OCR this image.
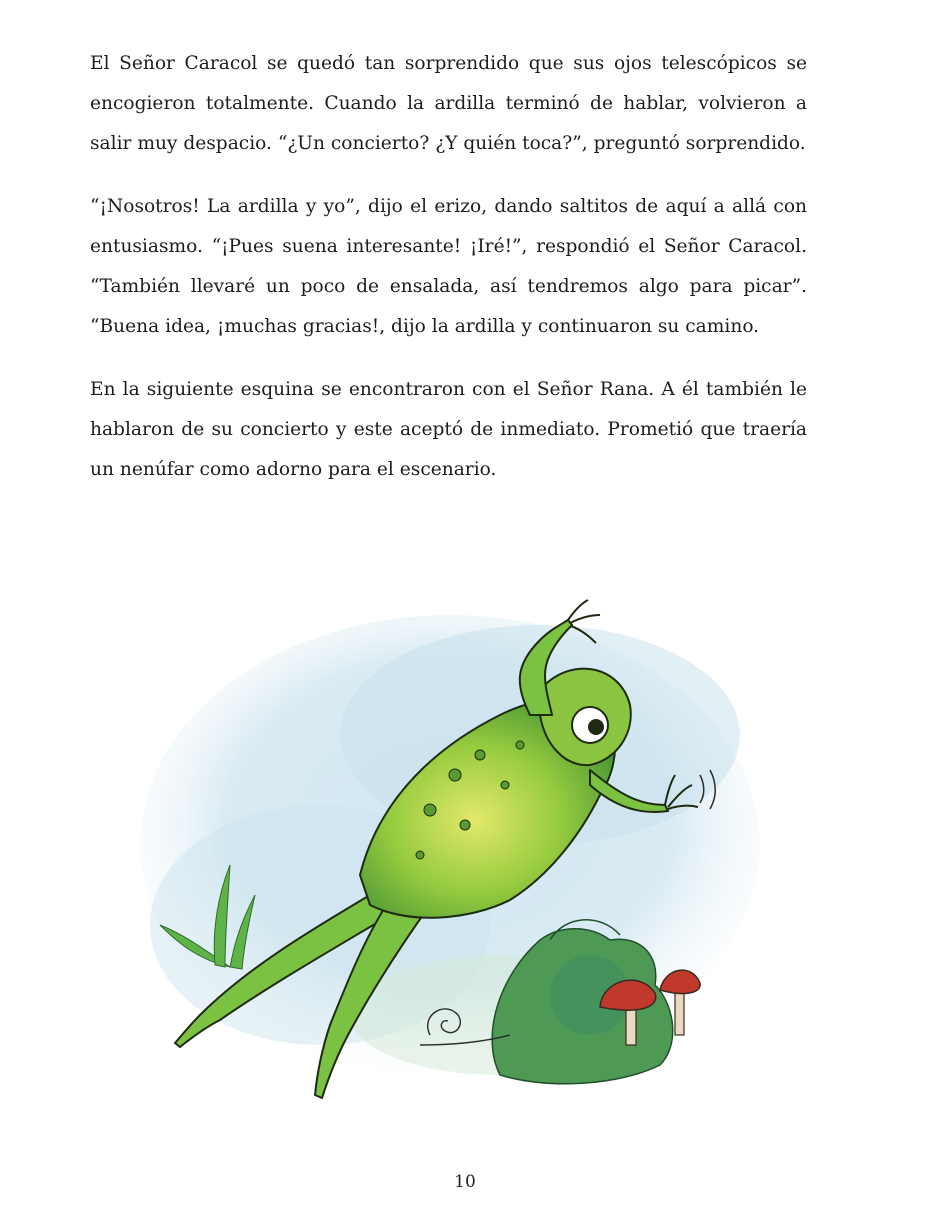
El Señor Caracol se quedó tan sorprendido que sus ojos telescópicos se encogieron totalmente. Cuando la ardilla terminó de hablar, volvieron a salir muy despacio. “¿Un concierto? ¿Y quién toca?”, preguntó sorprendido.

“¡Nosotros! La ardilla y yo”, dijo el erizo, dando saltitos de aquí a allá con entusiasmo. “¡Pues suena interesante! ¡Iré!”, respondió el Señor Caracol. “También llevaré un poco de ensalada, así tendremos algo para picar”. “Buena idea, ¡muchas gracias!, dijo la ardilla y continuaron su camino.

En la siguiente esquina se encontraron con el Señor Rana. A él también le hablaron de su concierto y este aceptó de inmediato. Prometió que traería un nenúfar como adorno para el escenario.

10
